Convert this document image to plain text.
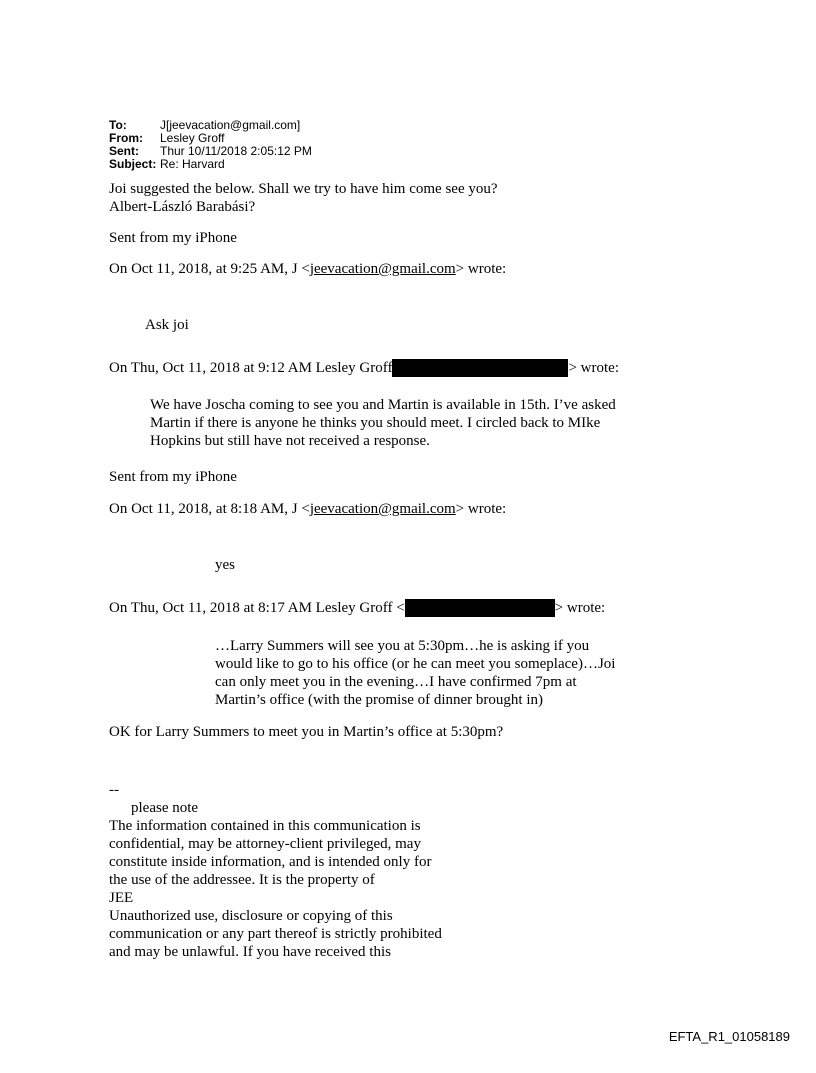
To:	J[jeevacation@gmail.com]
From: Lesley Groff
Sent: Thur 10/11/2018 2:05:12 PM
Subject: Re: Harvard
Joi suggested the below. Shall we try to have him come see you?
Albert-László Barabási?
Sent from my iPhone
On Oct 11, 2018, at 9:25 AM, J <jeevacation@gmail.com> wrote:
Ask joi
On Thu, Oct 11, 2018 at 9:12 AM Lesley Groff	> wrote:
We have Joscha coming to see you and Martin is available in 15th. I’ve asked
Martin if there is anyone he thinks you should meet. I circled back to MIke
Hopkins but still have not received a response.
Sent from my iPhone
On Oct 11, 2018, at 8:18 AM, J <jeevacation@gmail.com> wrote:
yes
On Thu, Oct 11, 2018 at 8:17 AM Lesley Groff <	> wrote:
…Larry Summers will see you at 5:30pm…he is asking if you
would like to go to his office (or he can meet you someplace)…Joi
can only meet you in the evening…I have confirmed 7pm at
Martin’s office (with the promise of dinner brought in)
OK for Larry Summers to meet you in Martin’s office at 5:30pm?
--
please note
The information contained in this communication is
confidential, may be attorney-client privileged, may
constitute inside information, and is intended only for
the use of the addressee. It is the property of
JEE
Unauthorized use, disclosure or copying of this
communication or any part thereof is strictly prohibited
and may be unlawful. If you have received this
EFTA_R1_01058189
